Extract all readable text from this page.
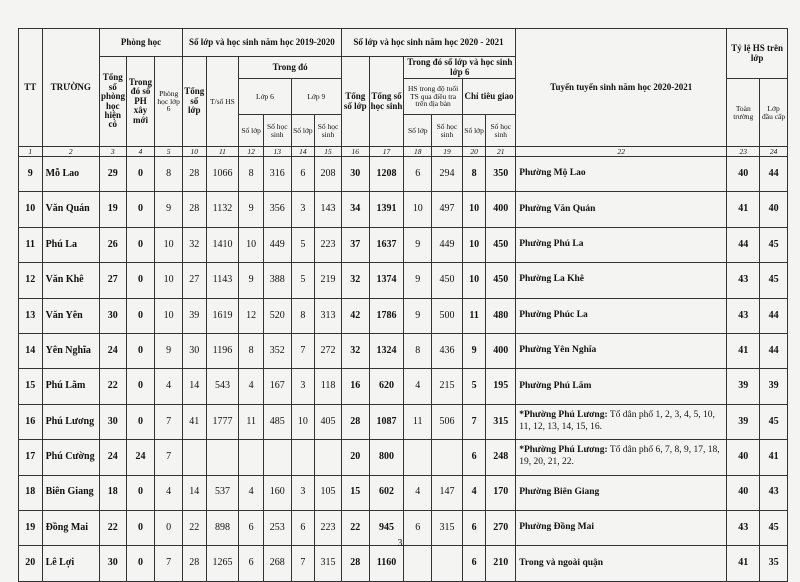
TT	TRƯỜNG	Phòng học			Số lớp và học sinh năm học 2019-2020						Số lớp và học sinh năm học 2020 - 2021						Tuyến tuyển sinh năm học 2020-2021	Tỷ lệ HS trên lớp	
		Tổng số phòng học hiện có	Trong đó số PH xây mới	Phòng học lớp 6	Tổng số lớp	T/số HS	Trong đó				Tổng số lớp	Tổng số học sinh	Trong đó số lớp và học sinh lớp 6						
							Lớp 6		Lớp 9				HS trong độ tuổi TS qua điều tra trên địa bàn		Chỉ tiêu giao			Toàn trường	Lớp đầu cấp
							Số lớp	Số học sinh	Số lớp	Số học sinh			Số lớp	Số học sinh	Số lớp	Số học sinh			
1	2	3	4	5	10	11	12	13	14	15	16	17	18	19	20	21	22	23	24
9	Mỗ Lao	29	0	8	28	1066	8	316	6	208	30	1208	6	294	8	350	Phường Mộ Lao	40	44
10	Văn Quán	19	0	9	28	1132	9	356	3	143	34	1391	10	497	10	400	Phường Văn Quán	41	40
11	Phú La	26	0	10	32	1410	10	449	5	223	37	1637	9	449	10	450	Phường Phú La	44	45
12	Văn Khê	27	0	10	27	1143	9	388	5	219	32	1374	9	450	10	450	Phường La Khê	43	45
13	Văn Yên	30	0	10	39	1619	12	520	8	313	42	1786	9	500	11	480	Phường Phúc La	43	44
14	Yên Nghĩa	24	0	9	30	1196	8	352	7	272	32	1324	8	436	9	400	Phường Yên Nghĩa	41	44
15	Phú Lãm	22	0	4	14	543	4	167	3	118	16	620	4	215	5	195	Phường Phú Lãm	39	39
16	Phú Lương	30	0	7	41	1777	11	485	10	405	28	1087	11	506	7	315	*Phường Phú Lương: Tổ dân phố 1, 2, 3, 4, 5, 10, 11, 12, 13, 14, 15, 16.	39	45
17	Phú Cường	24	24	7							20	800			6	248	*Phường Phú Lương: Tổ dân phố 6, 7, 8, 9, 17, 18, 19, 20, 21, 22.	40	41
18	Biên Giang	18	0	4	14	537	4	160	3	105	15	602	4	147	4	170	Phường Biên Giang	40	43
19	Đồng Mai	22	0	0	22	898	6	253	6	223	22	945	6	315	6	270	Phường Đồng Mai	43	45
20	Lê Lợi	30	0	7	28	1265	6	268	7	315	28	1160			6	210	Trong và ngoài quận	41	35
3
